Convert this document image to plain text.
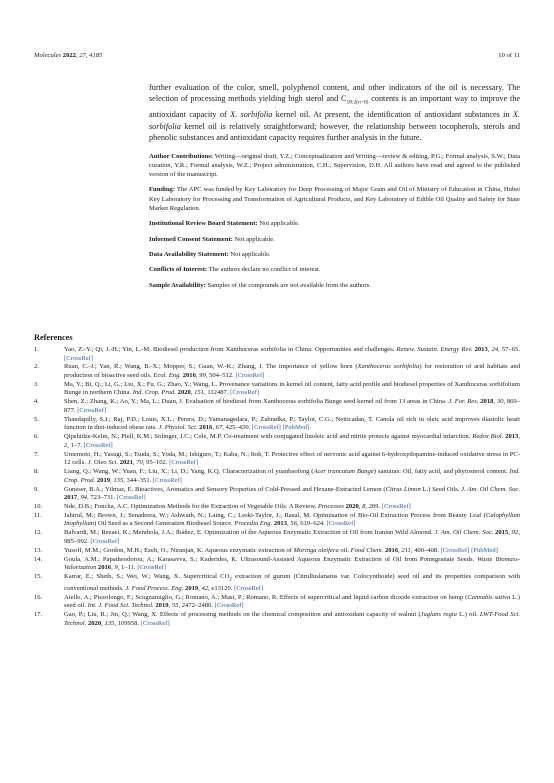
Molecules 2022, 27, 4185	10 of 11

further evaluation of the color, smell, polyphenol content, and other indicators of the oil is necessary. The selection of processing methods yielding high sterol and $C_{18:2(n-6)}$ contents is an important way to improve the antioxidant capacity of X. sorbifolia kernel oil. At present, the identification of antioxidant substances in X. sorbifolia kernel oil is relatively straightforward; however, the relationship between tocopherols, sterols and phenolic substances and antioxidant capacity requires further analysis in the future.

Author Contributions: Writing—original draft, Y.Z.; Conceptualization and Writing—review & editing, P.G.; Formal analysis, S.W.; Data curation, Y.R.; Formal analysis, W.Z.; Project administration, C.H.; Supervision, D.H. All authors have read and agreed to the published version of the manuscript.

Funding: The APC was funded by Key Laboratory for Deep Processing of Major Grain and Oil of Ministry of Education in China, Hubei Key Laboratory for Processing and Transformation of Agricultural Products, and Key Laboratory of Edible Oil Quality and Safety for State Market Regulation.

Institutional Review Board Statement: Not applicable.

Informed Consent Statement: Not applicable.

Data Availability Statement: Not applicable.

Conflicts of Interest: The authors declare no conflict of interest.

Sample Availability: Samples of the compounds are not available from the authors.

References
1.	Yao, Z.-Y.; Qi, J.-H.; Yin, L.-M. Biodiesel production from Xanthoceras sorbifolia in China: Opportunities and challenges. Renew. Sustain. Energy Rev. 2013, 24, 57–65. [CrossRef]
2.	Ruan, C.-J.; Yan, R.; Wang, B.-X.; Mopper, S.; Guan, W.-K.; Zhang, J. The importance of yellow horn (Xanthoceras sorbifolia) for restoration of arid habitats and production of bioactive seed oils. Ecol. Eng. 2016, 99, 504–512. [CrossRef]
3.	Ma, Y.; Bi, Q.; Li, G.; Liu, X.; Fu, G.; Zhao, Y.; Wang, L. Provenance variations in kernel oil content, fatty acid profile and biodiesel properties of Xanthoceras sorbifolium Bunge in northern China. Ind. Crop. Prod. 2020, 151, 112487. [CrossRef]
4.	Shen, Z.; Zhang, K.; Ao, Y.; Ma, L.; Duan, J. Evaluation of biodiesel from Xanthoceras sorbifolia Bunge seed kernel oil from 13 areas in China. J. For. Res. 2018, 30, 869–877. [CrossRef]
5.	Thandapilly, S.J.; Raj, P.D.; Louis, X.L.; Perera, D.; Yamanagedara, P.; Zahradka, P.; Taylor, C.G.; Netticadan, T. Canola oil rich in oleic acid improves diastolic heart function in diet-induced obese rats. J. Physiol. Sci. 2016, 67, 425–430. [CrossRef] [PubMed]
6.	Qipshidze-Kelm, N.; Piell, K.M.; Solinger, J.C.; Cole, M.P. Co-treatment with conjugated linoleic acid and nitrite protects against myocardial infarction. Redox Biol. 2013, 2, 1–7. [CrossRef]
7.	Umemoto, H.; Yasugi, S.; Tsuda, S.; Yoda, M.; Ishiguro, T.; Kaba, N.; Itoh, T. Protective effect of nervonic acid against 6-hydroxydopamine-induced oxidative stress in PC-12 cells. J. Oleo Sci. 2021, 70, 95–102. [CrossRef]
8.	Liang, Q.; Wang, W.; Yuan, F.; Liu, X.; Li, D.; Yang, K.Q. Characterization of yuanbaofeng (Acer truncatum Bunge) samaras: Oil, fatty acid, and phytosterol content. Ind. Crop. Prod. 2019, 135, 344–351. [CrossRef]
9.	Guneser, B.A.; Yilmaz, E. Bioactives, Aromatics and Sensory Properties of Cold-Pressed and Hexane-Extracted Lemon (Citrus Limon L.) Seed Oils. J. Am. Oil Chem. Soc. 2017, 94, 723–731. [CrossRef]
10.	Nde, D.B.; Foncha, A.C. Optimization Methods for the Extraction of Vegetable Oils: A Review. Processes 2020, 8, 209. [CrossRef]
11.	Jahirul, M.; Brown, J.; Senadeera, W.; Ashwath, N.; Laing, C.; Leski-Taylor, J.; Rasul, M. Optimisation of Bio-Oil Extraction Process from Beauty Leaf (Calophyllum Inophyllum) Oil Seed as a Second Generation Biodiesel Source. Procedia Eng. 2013, 56, 619–624. [CrossRef]
12.	Balvardi, M.; Rezaei, K.; Mendiola, J.A.; Ibáñez, E. Optimization of the Aqueous Enzymatic Extraction of Oil from Iranian Wild Almond. J. Am. Oil Chem. Soc. 2015, 92, 985–992. [CrossRef]
13.	Yusoff, M.M.; Gordon, M.H.; Ezeh, O.; Niranjan, K. Aqueous enzymatic extraction of Moringa oleifera oil. Food Chem. 2016, 211, 400–408. [CrossRef] [PubMed]
14.	Goula, A.M.; Papatheodorou, A.; Karasavva, S.; Kaderides, K. Ultrasound-Assisted Aqueous Enzymatic Extraction of Oil from Pomegranate Seeds. Waste Biomass-Valorization 2016, 9, 1–11. [CrossRef]
15.	Karrar, E.; Sheth, S.; Wei, W.; Wang, X. Supercritical $CO_2$ extraction of gurum (Citrulluslanatus var. Colocynthoide) seed oil and its properties comparison with conventional methods. J. Food Process. Eng. 2019, 42, e13129. [CrossRef]
16.	Aiello, A.; Pizzolongo, F.; Scognamiglio, G.; Romano, A.; Masi, P.; Romano, R. Effects of supercritical and liquid carbon dioxide extraction on hemp (Cannabis sativa L.) seed oil. Int. J. Food Sci. Technol. 2019, 55, 2472–2480. [CrossRef]
17.	Gao, P.; Liu, R.; Jin, Q.; Wang, X. Effects of processing methods on the chemical composition and antioxidant capacity of walnut (Juglans regia L.) oil. LWT-Food Sci. Technol. 2020, 135, 109958. [CrossRef]
